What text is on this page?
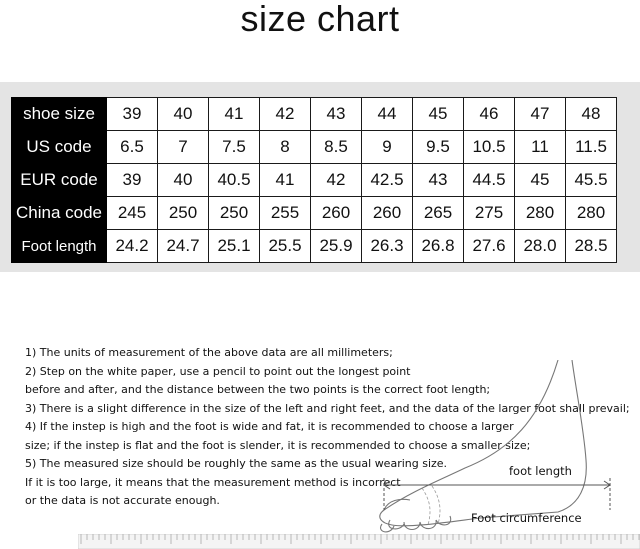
size chart
shoe size	39	40	41	42	43	44	45	46	47	48
US code	6.5	7	7.5	8	8.5	9	9.5	10.5	11	11.5
EUR code	39	40	40.5	41	42	42.5	43	44.5	45	45.5
China code	245	250	250	255	260	260	265	275	280	280
Foot length	24.2	24.7	25.1	25.5	25.9	26.3	26.8	27.6	28.0	28.5
1) The units of measurement of the above data are all millimeters;
2) Step on the white paper, use a pencil to point out the longest point
before and after, and the distance between the two points is the correct foot length;
3) There is a slight difference in the size of the left and right feet, and the data of the larger foot shall prevail;
4) If the instep is high and the foot is wide and fat, it is recommended to choose a larger
size; if the instep is flat and the foot is slender, it is recommended to choose a smaller size;
5) The measured size should be roughly the same as the usual wearing size.
If it is too large, it means that the measurement method is incorrect
or the data is not accurate enough.
foot length
Foot circumference
